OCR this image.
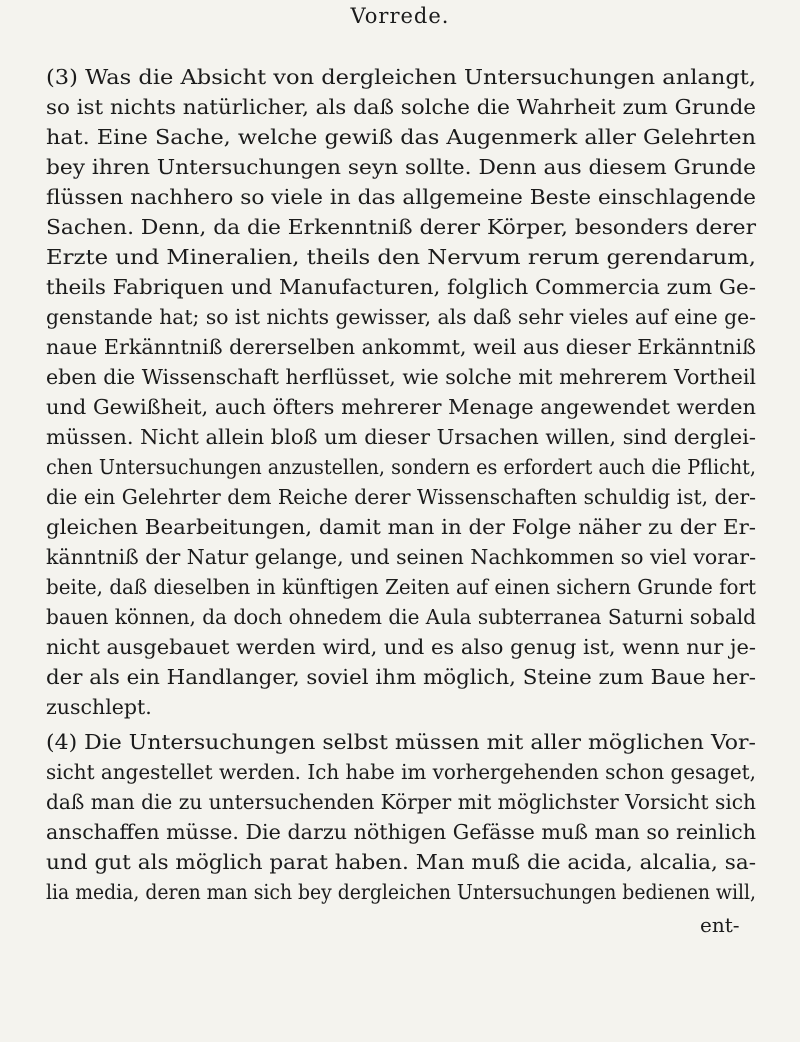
Vorrede.
(3) Was die Absicht von dergleichen Untersuchungen anlangt,
so ist nichts natürlicher, als daß solche die Wahrheit zum Grunde
hat. Eine Sache, welche gewiß das Augenmerk aller Gelehrten
bey ihren Untersuchungen seyn sollte. Denn aus diesem Grunde
flüssen nachhero so viele in das allgemeine Beste einschlagende
Sachen. Denn, da die Erkenntniß derer Körper, besonders derer
Erzte und Mineralien, theils den Nervum rerum gerendarum,
theils Fabriquen und Manufacturen, folglich Commercia zum Ge-
genstande hat; so ist nichts gewisser, als daß sehr vieles auf eine ge-
naue Erkänntniß dererselben ankommt, weil aus dieser Erkänntniß
eben die Wissenschaft herflüsset, wie solche mit mehrerem Vortheil
und Gewißheit, auch öfters mehrerer Menage angewendet werden
müssen. Nicht allein bloß um dieser Ursachen willen, sind derglei-
chen Untersuchungen anzustellen, sondern es erfordert auch die Pflicht,
die ein Gelehrter dem Reiche derer Wissenschaften schuldig ist, der-
gleichen Bearbeitungen, damit man in der Folge näher zu der Er-
känntniß der Natur gelange, und seinen Nachkommen so viel vorar-
beite, daß dieselben in künftigen Zeiten auf einen sichern Grunde fort
bauen können, da doch ohnedem die Aula subterranea Saturni sobald
nicht ausgebauet werden wird, und es also genug ist, wenn nur je-
der als ein Handlanger, soviel ihm möglich, Steine zum Baue her-
zuschlept.
(4) Die Untersuchungen selbst müssen mit aller möglichen Vor-
sicht angestellet werden. Ich habe im vorhergehenden schon gesaget,
daß man die zu untersuchenden Körper mit möglichster Vorsicht sich
anschaffen müsse. Die darzu nöthigen Gefässe muß man so reinlich
und gut als möglich parat haben. Man muß die acida, alcalia, sa-
lia media, deren man sich bey dergleichen Untersuchungen bedienen will,
ent-
